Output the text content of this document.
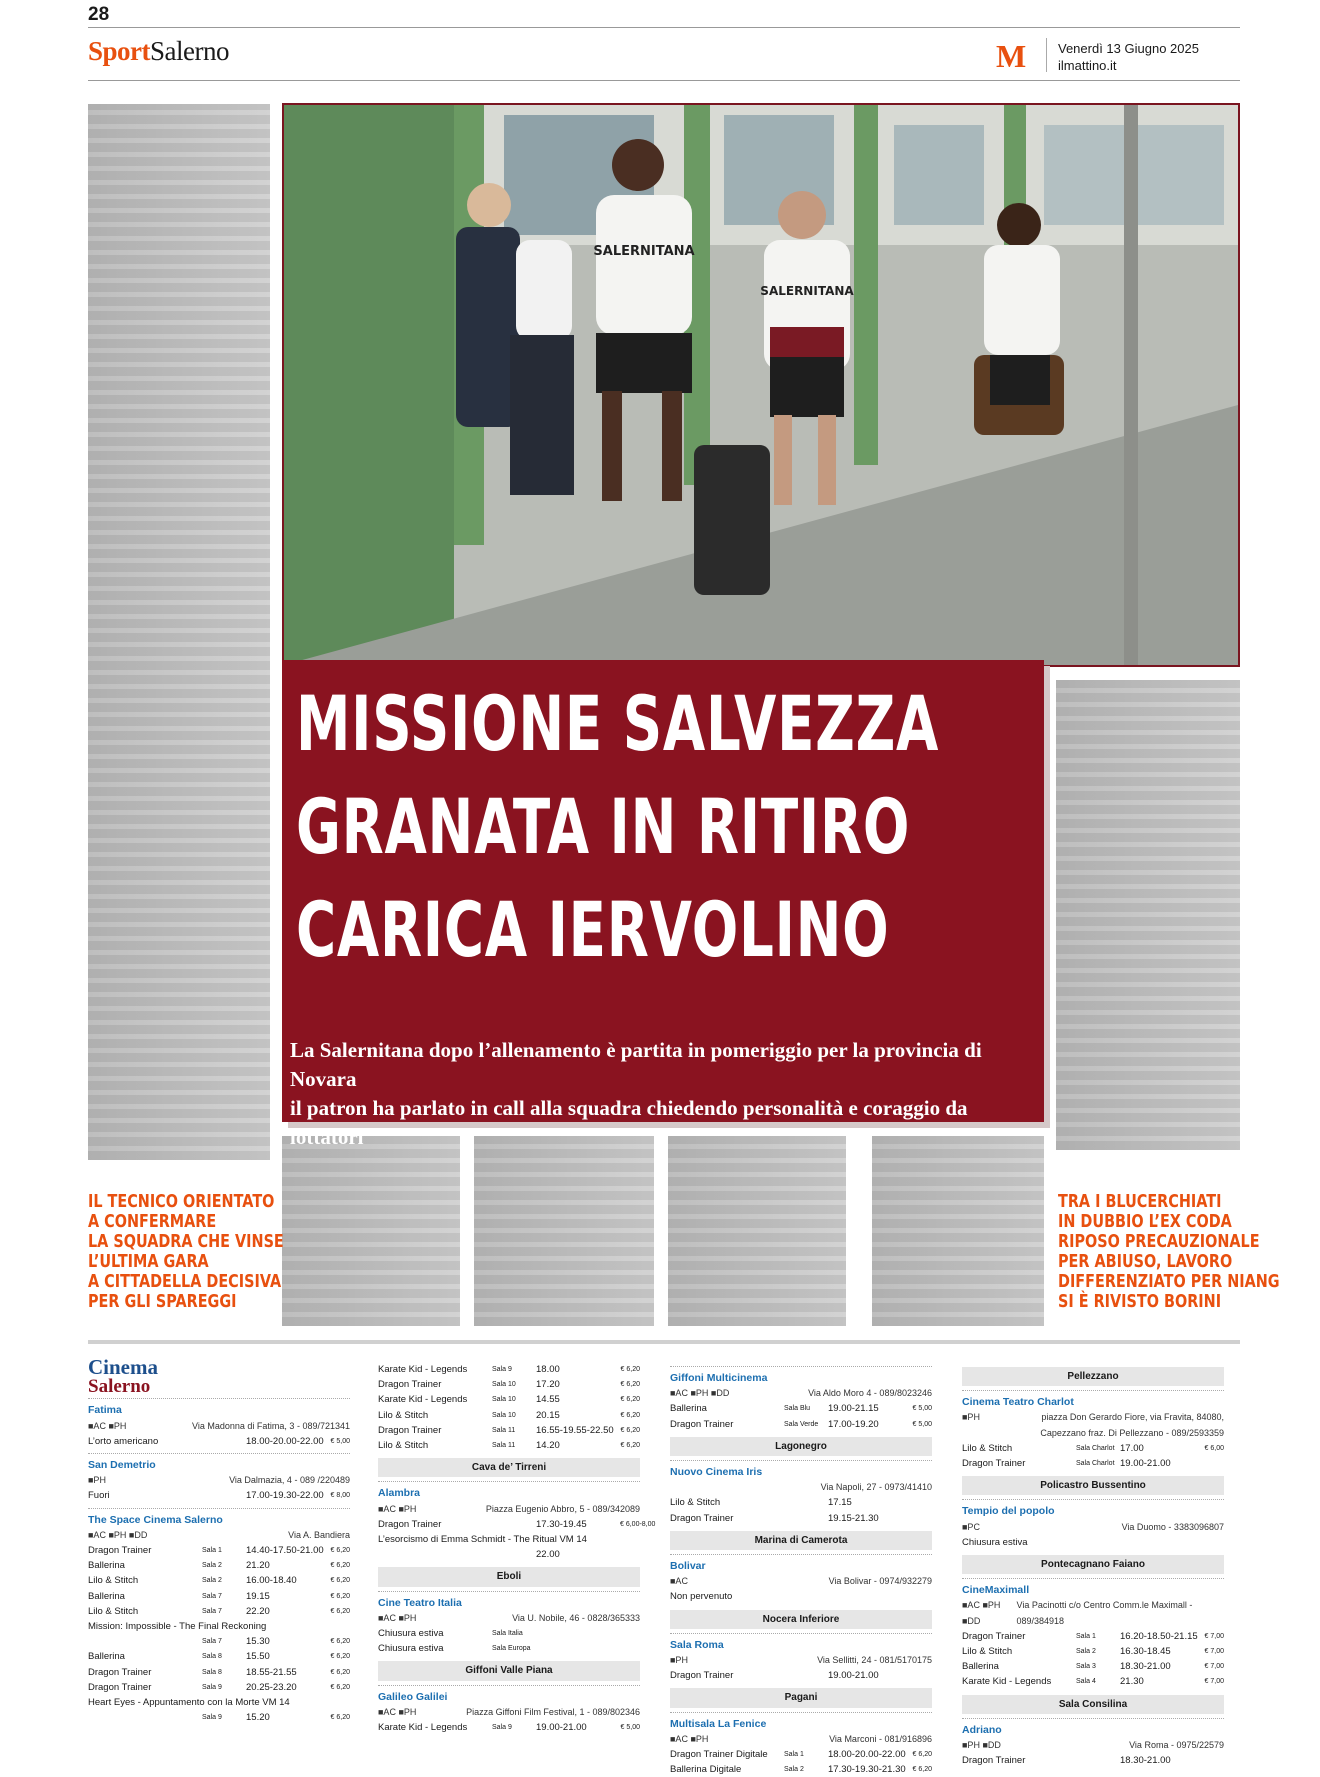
28
SportSalerno	M Venerdì 13 Giugno 2025
ilmattino.it
SALERNITANA
SALERNITANA
MISSIONE SALVEZZA
GRANATA IN RITIRO
CARICA IERVOLINO
La Salernitana dopo l’allenamento è partita in pomeriggio per la provincia di Novara
il patron ha parlato in call alla squadra chiedendo personalità e coraggio da lottatori
IL TECNICO ORIENTATO
A CONFERMARE
LA SQUADRA CHE VINSE
L’ULTIMA GARA
A CITTADELLA DECISIVA
PER GLI SPAREGGI
TRA I BLUCERCHIATI
IN DUBBIO L’EX CODA
RIPOSO PRECAUZIONALE
PER ABIUSO, LAVORO
DIFFERENZIATO PER NIANG
SI È RIVISTO BORINI
Cinema
Salerno
Fatima
■AC ■PH	Via Madonna di Fatima, 3 - 089/721341
L’orto americano	18.00-20.00-22.00 € 5,00
San Demetrio
■PH	Via Dalmazia, 4 - 089 /220489
Fuori	17.00-19.30-22.00 € 8,00
The Space Cinema Salerno
■AC ■PH ■DD	Via A. Bandiera
Dragon Trainer	Sala 1	14.40-17.50-21.00 € 6,20
Ballerina	Sala 2	21.20	€ 6,20
Lilo & Stitch	Sala 2	16.00-18.40	€ 6,20
Ballerina	Sala 7	19.15	€ 6,20
Lilo & Stitch	Sala 7	22.20	€ 6,20
Mission: Impossible - The Final Reckoning
Sala 7	15.30	€ 6,20
Ballerina	Sala 8	15.50	€ 6,20
Dragon Trainer	Sala 8	18.55-21.55	€ 6,20
Dragon Trainer	Sala 9	20.25-23.20	€ 6,20
Heart Eyes - Appuntamento con la Morte VM 14
Sala 9	15.20	€ 6,20
Karate Kid - Legends	Sala 9	18.00	€ 6,20
Dragon Trainer	Sala 10	17.20	€ 6,20
Karate Kid - Legends	Sala 10	14.55	€ 6,20
Lilo & Stitch	Sala 10	20.15	€ 6,20
Dragon Trainer	Sala 11	16.55-19.55-22.50 € 6,20
Lilo & Stitch	Sala 11	14.20	€ 6,20
Cava de’ Tirreni
Alambra
■AC ■PH	Piazza Eugenio Abbro, 5 - 089/342089
Dragon Trainer	17.30-19.45	€ 6,00-8,00
L’esorcismo di Emma Schmidt - The Ritual VM 14
22.00
Eboli
Cine Teatro Italia
■AC ■PH	Via U. Nobile, 46 - 0828/365333
Chiusura estiva	Sala Italia
Chiusura estiva	Sala Europa
Giffoni Valle Piana
Galileo Galilei
■AC ■PH	Piazza Giffoni Film Festival, 1 - 089/802346
Karate Kid - Legends	Sala 9	19.00-21.00	€ 5,00
Giffoni Multicinema
■AC ■PH ■DD	Via Aldo Moro 4 - 089/8023246
Ballerina	Sala Blu	19.00-21.15	€ 5,00
Dragon Trainer	Sala Verde	17.00-19.20	€ 5,00
Lagonegro
Nuovo Cinema Iris
Via Napoli, 27 - 0973/41410
Lilo & Stitch	17.15
Dragon Trainer	19.15-21.30
Marina di Camerota
Bolivar
■AC	Via Bolivar - 0974/932279
Non pervenuto
Nocera Inferiore
Sala Roma
■PH	Via Sellitti, 24 - 081/5170175
Dragon Trainer	19.00-21.00
Pagani
Multisala La Fenice
■AC ■PH	Via Marconi - 081/916896
Dragon Trainer Digitale	Sala 1	18.00-20.00-22.00 € 6,20
Ballerina Digitale	Sala 2	17.30-19.30-21.30 € 6,20
Pellezzano
Cinema Teatro Charlot
■PH	piazza Don Gerardo Fiore, via Fravita, 84080,
Capezzano fraz. Di Pellezzano - 089/2593359
Lilo & Stitch	Sala Charlot 17.00	€ 6,00
Dragon Trainer	Sala Charlot 19.00-21.00
Policastro Bussentino
Tempio del popolo
■PC	Via Duomo - 3383096807
Chiusura estiva
Pontecagnano Faiano
CineMaximall
■AC ■PH ■DD
Via Pacinotti c/o Centro Comm.le Maximall - 089/384918
Dragon Trainer	Sala 1	16.20-18.50-21.15 € 7,00
Lilo & Stitch	Sala 2	16.30-18.45	€ 7,00
Ballerina	Sala 3	18.30-21.00	€ 7,00
Karate Kid - Legends	Sala 4	21.30	€ 7,00
Sala Consilina
Adriano
■PH ■DD	Via Roma - 0975/22579
Dragon Trainer	18.30-21.00
